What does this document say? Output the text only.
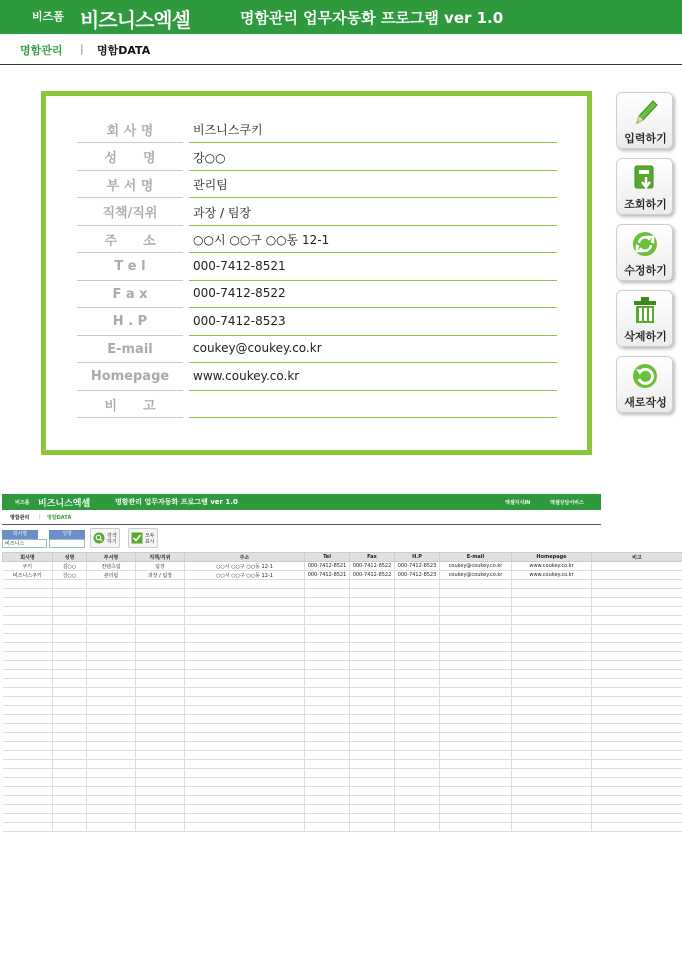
비즈폼 비즈니스엑셀	명함관리 업무자동화 프로그램 ver 1.0
명함관리 | 명함DATA
회 사 명	비즈니스쿠키
성　　명	강○○
부 서 명	관리팀
직책/직위	과장 / 팀장
주　　소	○○시 ○○구 ○○동 12-1
T e l	000-7412-8521
F a x	000-7412-8522
H . P	000-7412-8523
E-mail	coukey@coukey.co.kr
Homepage	www.coukey.co.kr
비　　고
입력하기
조회하기
수정하기
삭제하기
새로작성
비즈폼 비즈니스엑셀	명함관리 업무자동화 프로그램 ver 1.0	엑셀지식IN	엑셀상담서비스
명함관리 | 명함DATA
회사명	성명
비즈니스
검색 하기
모두 표시
회사명	성명	부서명	직책/직위	주소	Tel	Fax	H.P	E-mail	Homepage	비고
쿠키	김○○	컨텐츠팀	팀장	○○시 ○○구 ○○동 12-1	000-7412-8521	000-7412-8522	000-7412-8523	coukey@coukey.co.kr	www.coukey.co.kr	
비즈니스쿠키	강○○	관리팀	과장 / 팀장	○○시 ○○구 ○○동 12-1	000-7412-8521	000-7412-8522	000-7412-8523	coukey@coukey.co.kr	www.coukey.co.kr	
